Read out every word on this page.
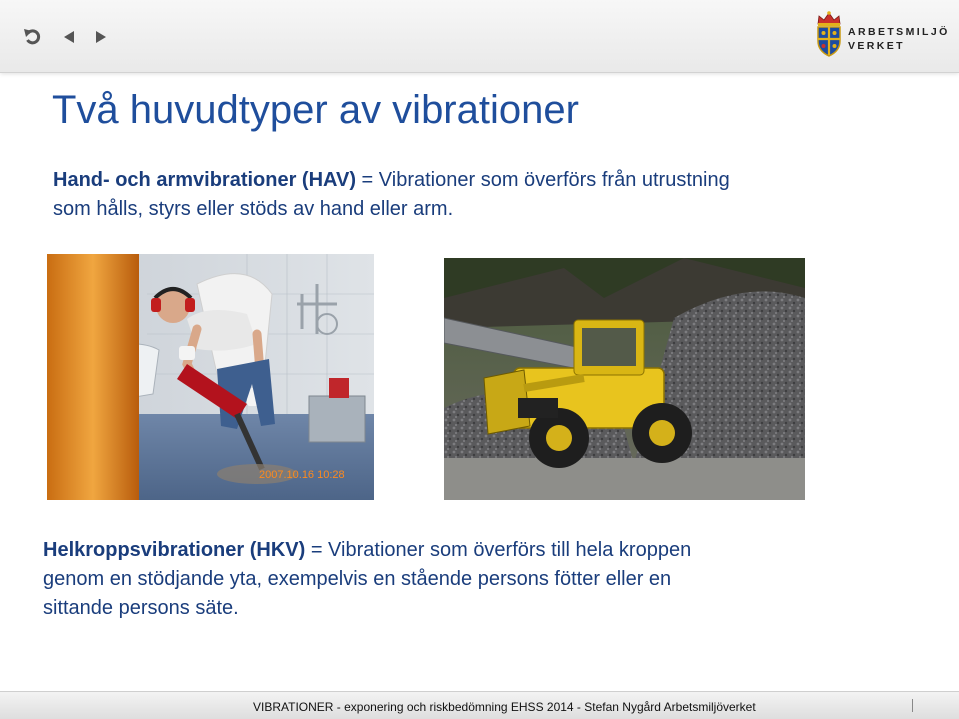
ARBETSMILJÖ
VERKET
Två huvudtyper av vibrationer

Hand- och armvibrationer (HAV) = Vibrationer som överförs från utrustning som hålls, styrs eller stöds av hand eller arm.

2007.10.16 10:28

Helkroppsvibrationer (HKV) = Vibrationer som överförs till hela kroppen genom en stödjande yta, exempelvis en stående persons fötter eller en sittande persons säte.

VIBRATIONER - exponering och riskbedömning EHSS 2014 - Stefan Nygård Arbetsmiljöverket
